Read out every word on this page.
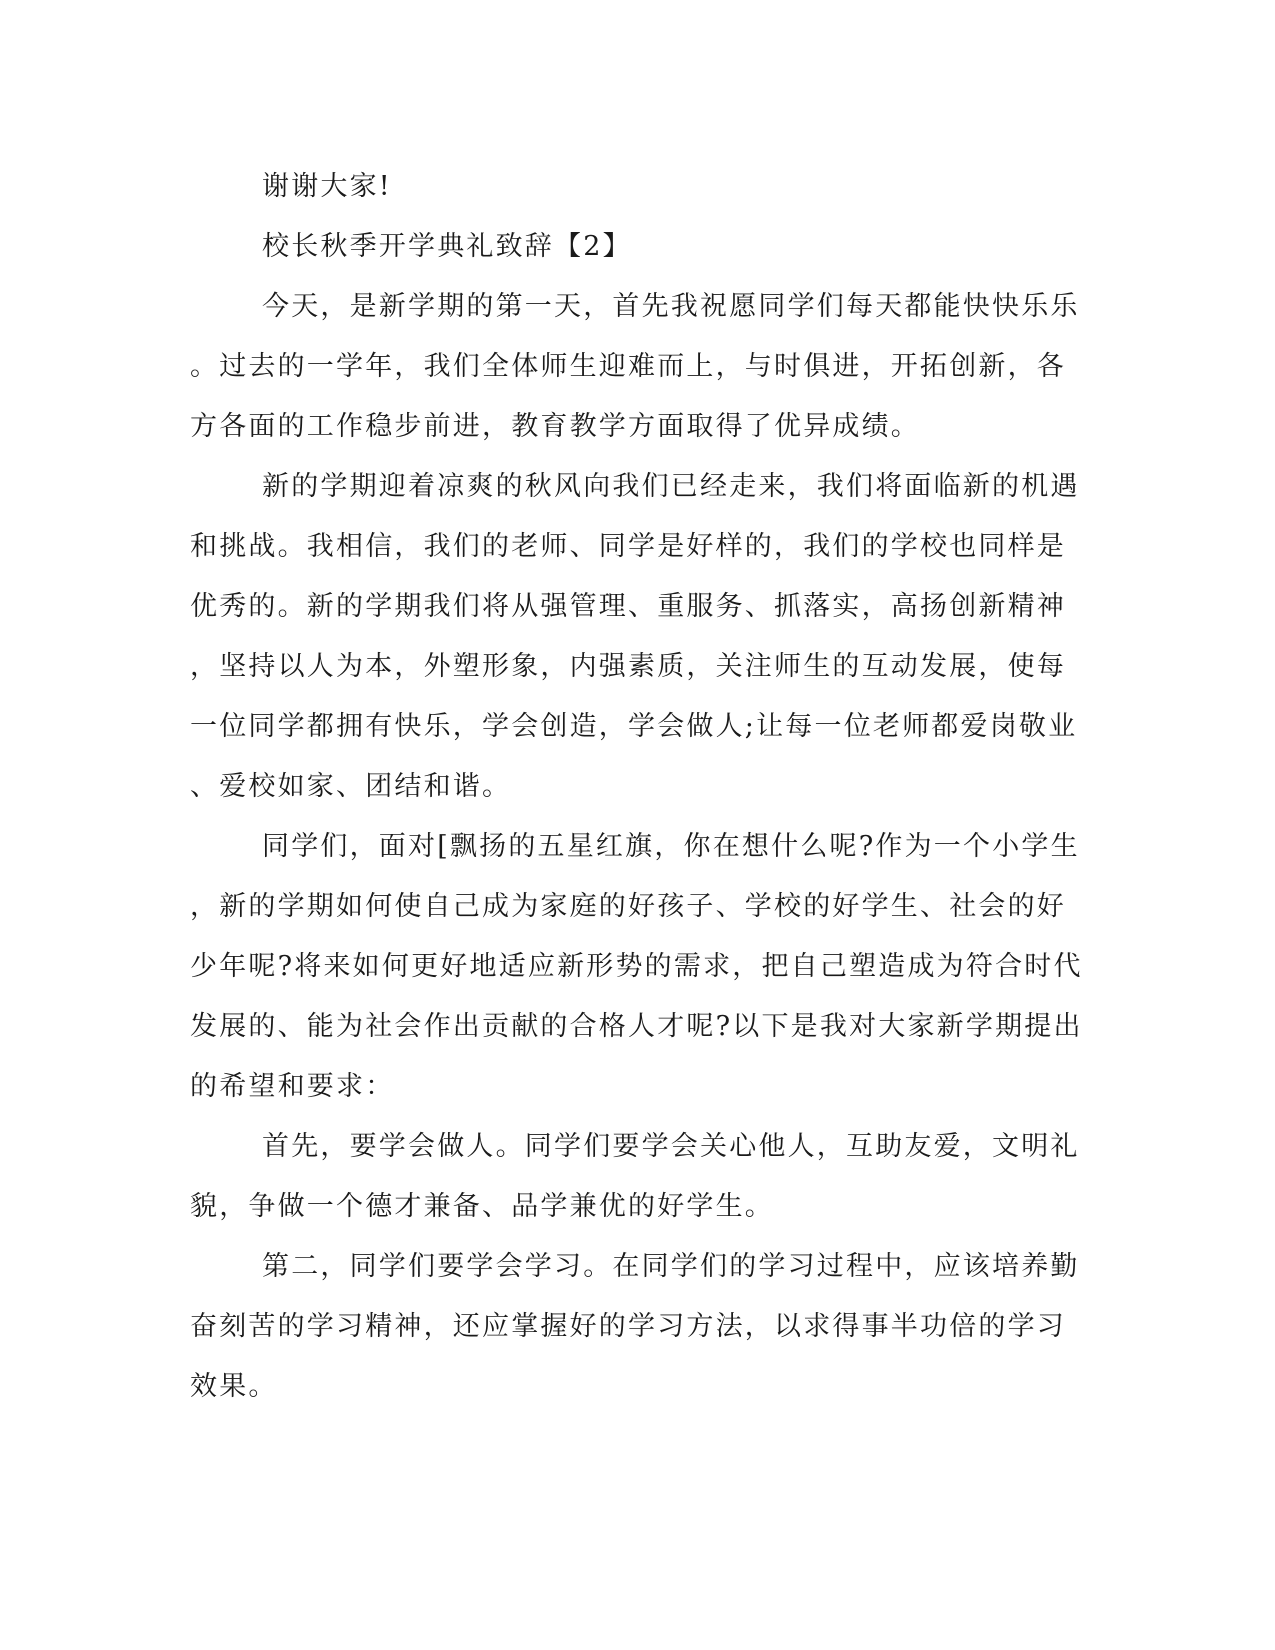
谢谢大家!
校长秋季开学典礼致辞【2】
今天，是新学期的第一天，首先我祝愿同学们每天都能快快乐乐
。过去的一学年，我们全体师生迎难而上，与时俱进，开拓创新，各
方各面的工作稳步前进，教育教学方面取得了优异成绩。
新的学期迎着凉爽的秋风向我们已经走来，我们将面临新的机遇
和挑战。我相信，我们的老师、同学是好样的，我们的学校也同样是
优秀的。新的学期我们将从强管理、重服务、抓落实，高扬创新精神
，坚持以人为本，外塑形象，内强素质，关注师生的互动发展，使每
一位同学都拥有快乐，学会创造，学会做人;让每一位老师都爱岗敬业
、爱校如家、团结和谐。
同学们，面对[飘扬的五星红旗，你在想什么呢?作为一个小学生
，新的学期如何使自己成为家庭的好孩子、学校的好学生、社会的好
少年呢?将来如何更好地适应新形势的需求，把自己塑造成为符合时代
发展的、能为社会作出贡献的合格人才呢?以下是我对大家新学期提出
的希望和要求：
首先，要学会做人。同学们要学会关心他人，互助友爱，文明礼
貌，争做一个德才兼备、品学兼优的好学生。
第二，同学们要学会学习。在同学们的学习过程中，应该培养勤
奋刻苦的学习精神，还应掌握好的学习方法，以求得事半功倍的学习
效果。
